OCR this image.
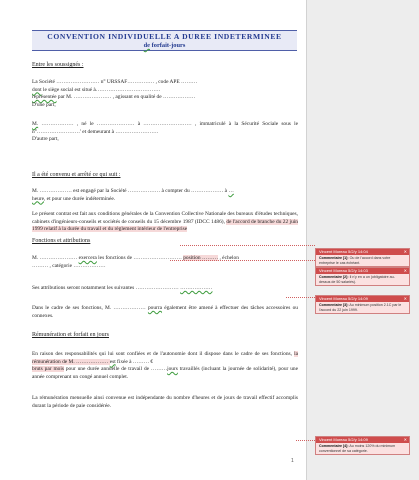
CONVENTION INDIVIDUELLE A DUREE INDETERMINEE
de forfait-jours
Entre les soussignés :
La Société …………………… n° URSSAF…………… , code APE ………
dont le siège social est situé à………………………………
représentée par M. ………………… , agissant en qualité de ………………
D'une part,
M. ……………… , né le ………………… à ……………………… , immatriculé à la Sécurité Sociale sous le n°……………………' et demeurant à ……………………
D'autre part,
Il a été convenu et arrêté ce qui suit :
M. ……………… est engagé par la Société ……………… à compter du ……………… à …
heure, et pour une durée indéterminée.
Le présent contrat est fait aux conditions générales de la Convention Collective Nationale des bureaux d'études techniques, cabinets d'ingénieurs-conseils et sociétés de conseils du 15 décembre 1987 (IDCC 1486), de l'accord de branche du 22 juin 1999 relatif à la durée du travail et du règlement intérieur de l'entreprise
Fonctions et attributions
M. ………………… exercera les fonctions de ……………………… position ……… , échelon
……… , catégorie ………………
Ses attributions seront notamment les suivantes …………………… ………………
Dans le cadre de ses fonctions, M. ……………… pourra également être amené à effectuer des tâches accessoires ou connexes.
Rémunération et forfait en jours
En raison des responsabilités qui lui sont confiées et de l'autonomie dont il dispose dans le cadre de ses fonctions, la rémunération de M. ……………… est fixée à ……… €
bruts par mois pour une durée annuelle de travail de ………jours travaillés (incluant la journée de solidarité), pour une année comprenant un congé annuel complet.
La rémunération mensuelle ainsi convenue est indépendante du nombre d'heures et de jours de travail effectif accomplis durant la période de paie considérée.
1
Vincent Moreau 5/2/y 14:04	✕
Commentaire [1]: Ou de l'accord dans votre entreprise le cas échéant.
Vincent Moreau 5/2/y 14:03	✕
Commentaire [2]: Il n'y en a un (obligatoire au-dessus de 50 salariés).
Vincent Moreau 5/2/y 14:09	✕
Commentaire [3]: Au minimum position 2.1C par le l'accord du 22 juin 1999.
Vincent Moreau 5/2/y 14:09	✕
Commentaire [4]: Au moins 120% du minimum conventionnel de sa catégorie.
